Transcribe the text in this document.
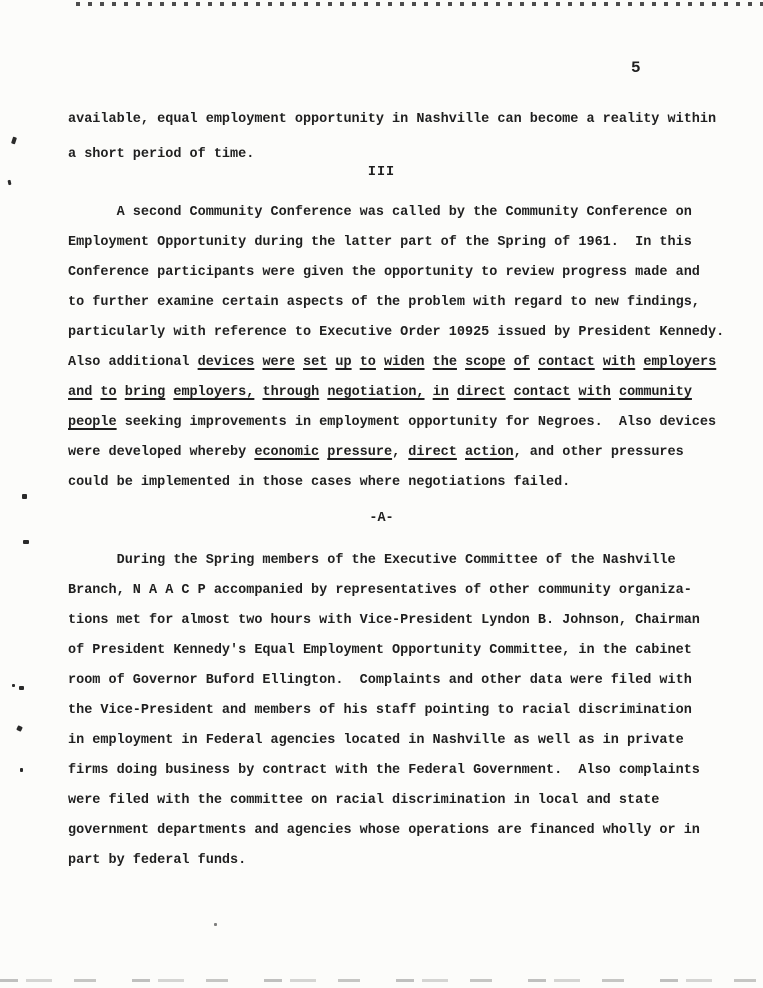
5
available, equal employment opportunity in Nashville can become a reality within
a short period of time.
III
A second Community Conference was called by the Community Conference on
Employment Opportunity during the latter part of the Spring of 1961.  In this
Conference participants were given the opportunity to review progress made and
to further examine certain aspects of the problem with regard to new findings,
particularly with reference to Executive Order 10925 issued by President Kennedy.
Also additional devices were set up to widen the scope of contact with employers
and to bring employers, through negotiation, in direct contact with community
people seeking improvements in employment opportunity for Negroes.  Also devices
were developed whereby economic pressure, direct action, and other pressures
could be implemented in those cases where negotiations failed.
-A-
During the Spring members of the Executive Committee of the Nashville
Branch, N A A C P accompanied by representatives of other community organiza-
tions met for almost two hours with Vice-President Lyndon B. Johnson, Chairman
of President Kennedy's Equal Employment Opportunity Committee, in the cabinet
room of Governor Buford Ellington.  Complaints and other data were filed with
the Vice-President and members of his staff pointing to racial discrimination
in employment in Federal agencies located in Nashville as well as in private
firms doing business by contract with the Federal Government.  Also complaints
were filed with the committee on racial discrimination in local and state
government departments and agencies whose operations are financed wholly or in
part by federal funds.
